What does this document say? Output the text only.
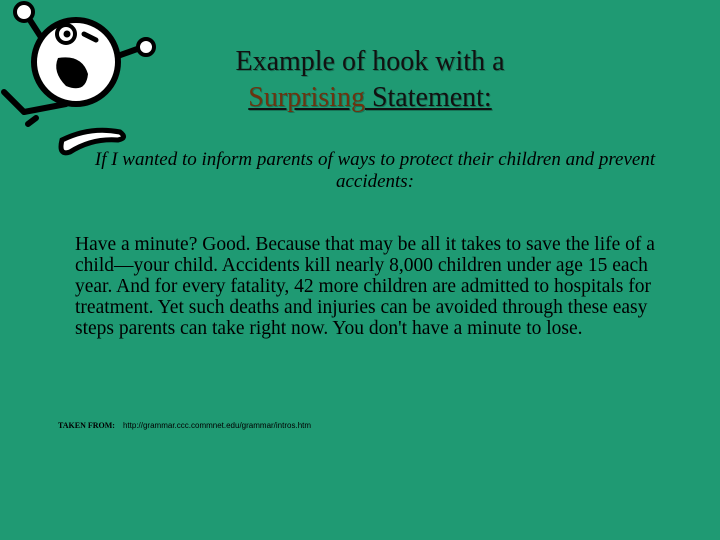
Example of hook with a
Surprising Statement:
If I wanted to inform parents of ways to protect their children and prevent accidents:
Have a minute? Good. Because that may be all it takes to save the life of a child—your child. Accidents kill nearly 8,000 children under age 15 each year. And for every fatality, 42 more children are admitted to hospitals for treatment. Yet such deaths and injuries can be avoided through these easy steps parents can take right now. You don't have a minute to lose.
TAKEN FROM: http://grammar.ccc.commnet.edu/grammar/intros.htm
